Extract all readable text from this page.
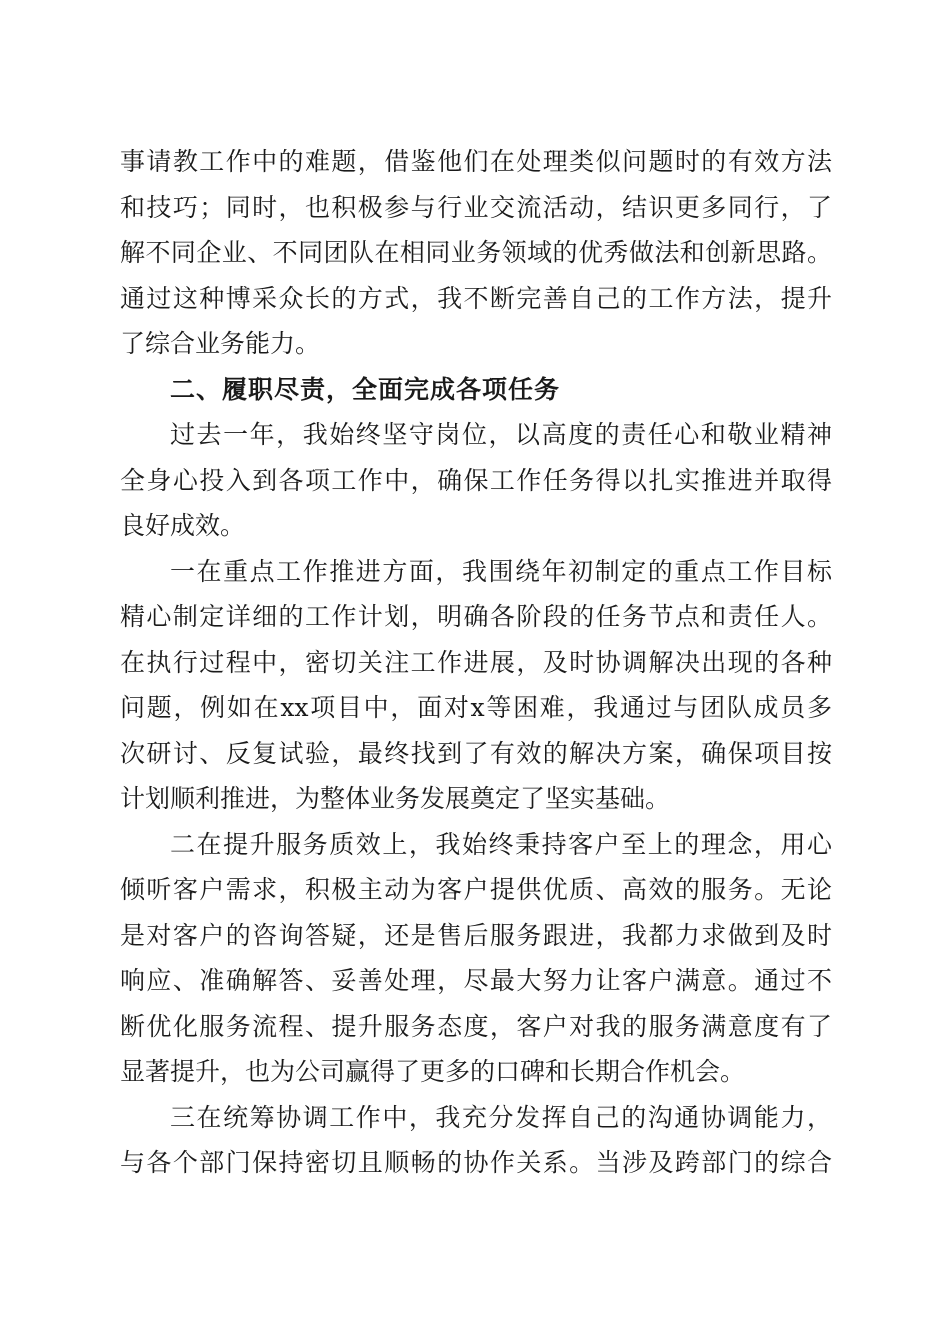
事请教工作中的难题，借鉴他们在处理类似问题时的有效方法
和技巧；同时，也积极参与行业交流活动，结识更多同行，了
解不同企业、不同团队在相同业务领域的优秀做法和创新思路。
通过这种博采众长的方式，我不断完善自己的工作方法，提升
了综合业务能力。
二、履职尽责，全面完成各项任务
过去一年，我始终坚守岗位，以高度的责任心和敬业精神
全身心投入到各项工作中，确保工作任务得以扎实推进并取得
良好成效。
一在重点工作推进方面，我围绕年初制定的重点工作目标
精心制定详细的工作计划，明确各阶段的任务节点和责任人。
在执行过程中，密切关注工作进展，及时协调解决出现的各种
问题，例如在xx项目中，面对x等困难，我通过与团队成员多
次研讨、反复试验，最终找到了有效的解决方案，确保项目按
计划顺利推进，为整体业务发展奠定了坚实基础。
二在提升服务质效上，我始终秉持客户至上的理念，用心
倾听客户需求，积极主动为客户提供优质、高效的服务。无论
是对客户的咨询答疑，还是售后服务跟进，我都力求做到及时
响应、准确解答、妥善处理，尽最大努力让客户满意。通过不
断优化服务流程、提升服务态度，客户对我的服务满意度有了
显著提升，也为公司赢得了更多的口碑和长期合作机会。
三在统筹协调工作中，我充分发挥自己的沟通协调能力，
与各个部门保持密切且顺畅的协作关系。当涉及跨部门的综合
